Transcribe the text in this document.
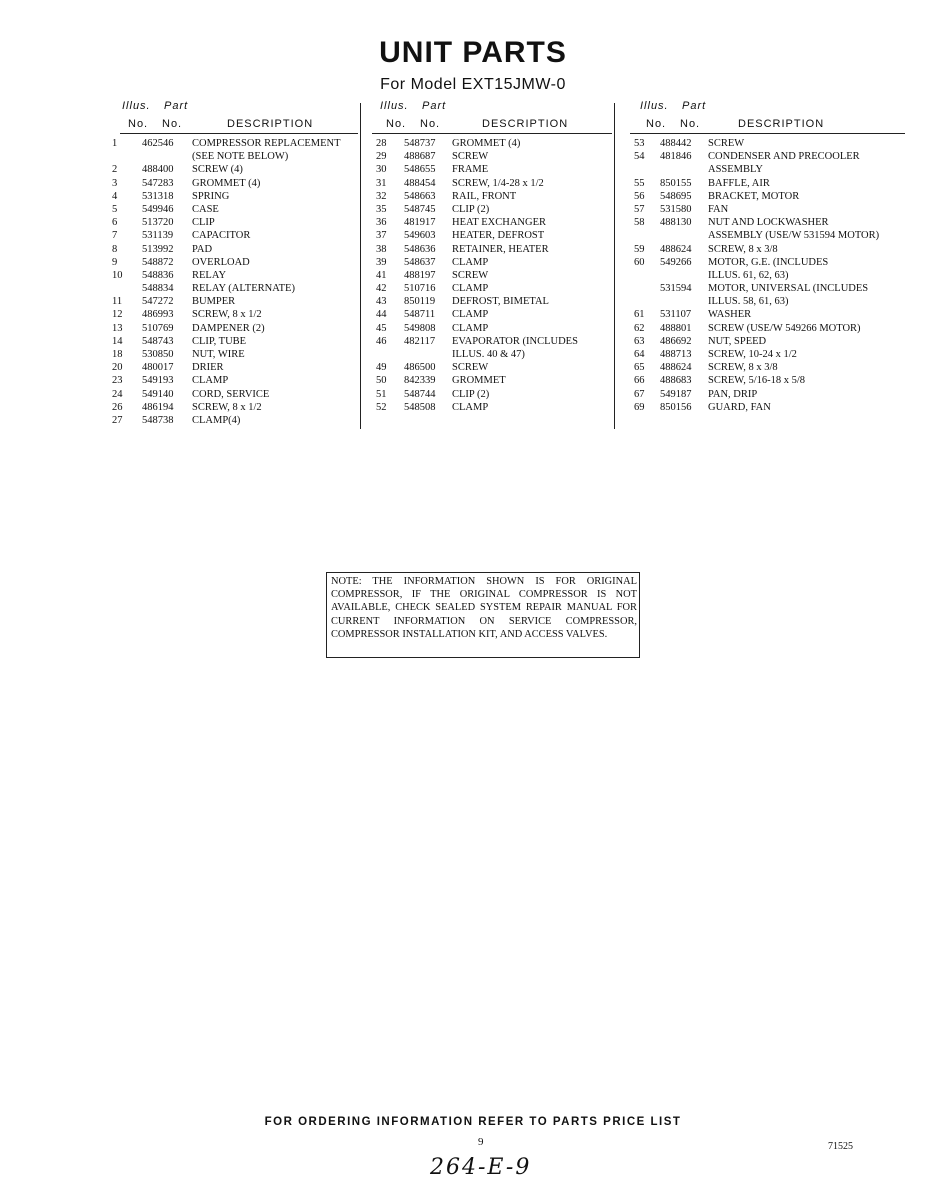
UNIT PARTS
For Model EXT15JMW-0
Illus. Part
No. No.	DESCRIPTION
1	462546	COMPRESSOR REPLACEMENT
(SEE NOTE BELOW)
2	488400	SCREW (4)
3	547283	GROMMET (4)
4	531318	SPRING
5	549946	CASE
6	513720	CLIP
7	531139	CAPACITOR
8	513992	PAD
9	548872	OVERLOAD
10	548836	RELAY
548834	RELAY (ALTERNATE)
11	547272	BUMPER
12	486993	SCREW, 8 x 1/2
13	510769	DAMPENER (2)
14	548743	CLIP, TUBE
18	530850	NUT, WIRE
20	480017	DRIER
23	549193	CLAMP
24	549140	CORD, SERVICE
26	486194	SCREW, 8 x 1/2
27	548738	CLAMP(4)
Illus. Part
No. No.	DESCRIPTION
28	548737	GROMMET (4)
29	488687	SCREW
30	548655	FRAME
31	488454	SCREW, 1/4-28 x 1/2
32	548663	RAIL, FRONT
35	548745	CLIP (2)
36	481917	HEAT EXCHANGER
37	549603	HEATER, DEFROST
38	548636	RETAINER, HEATER
39	548637	CLAMP
41	488197	SCREW
42	510716	CLAMP
43	850119	DEFROST, BIMETAL
44	548711	CLAMP
45	549808	CLAMP
46	482117	EVAPORATOR (INCLUDES
ILLUS. 40 & 47)
49	486500	SCREW
50	842339	GROMMET
51	548744	CLIP (2)
52	548508	CLAMP
Illus. Part
No. No.	DESCRIPTION
53	488442	SCREW
54	481846	CONDENSER AND PRECOOLER
ASSEMBLY
55	850155	BAFFLE, AIR
56	548695	BRACKET, MOTOR
57	531580	FAN
58	488130	NUT AND LOCKWASHER
ASSEMBLY (USE/W 531594 MOTOR)
59	488624	SCREW, 8 x 3/8
60	549266	MOTOR, G.E. (INCLUDES
ILLUS. 61, 62, 63)
531594	MOTOR, UNIVERSAL (INCLUDES
ILLUS. 58, 61, 63)
61	531107	WASHER
62	488801	SCREW (USE/W 549266 MOTOR)
63	486692	NUT, SPEED
64	488713	SCREW, 10-24 x 1/2
65	488624	SCREW, 8 x 3/8
66	488683	SCREW, 5/16-18 x 5/8
67	549187	PAN, DRIP
69	850156	GUARD, FAN
NOTE: THE INFORMATION SHOWN IS FOR ORIGINAL COMPRESSOR, IF THE ORIGINAL COMPRESSOR IS NOT AVAILABLE, CHECK SEALED SYSTEM REPAIR MANUAL FOR CURRENT INFORMATION ON SERVICE COMPRESSOR, COMPRESSOR INSTALLATION KIT, AND ACCESS VALVES.
FOR ORDERING INFORMATION REFER TO PARTS PRICE LIST
9	71525
264-E-9
